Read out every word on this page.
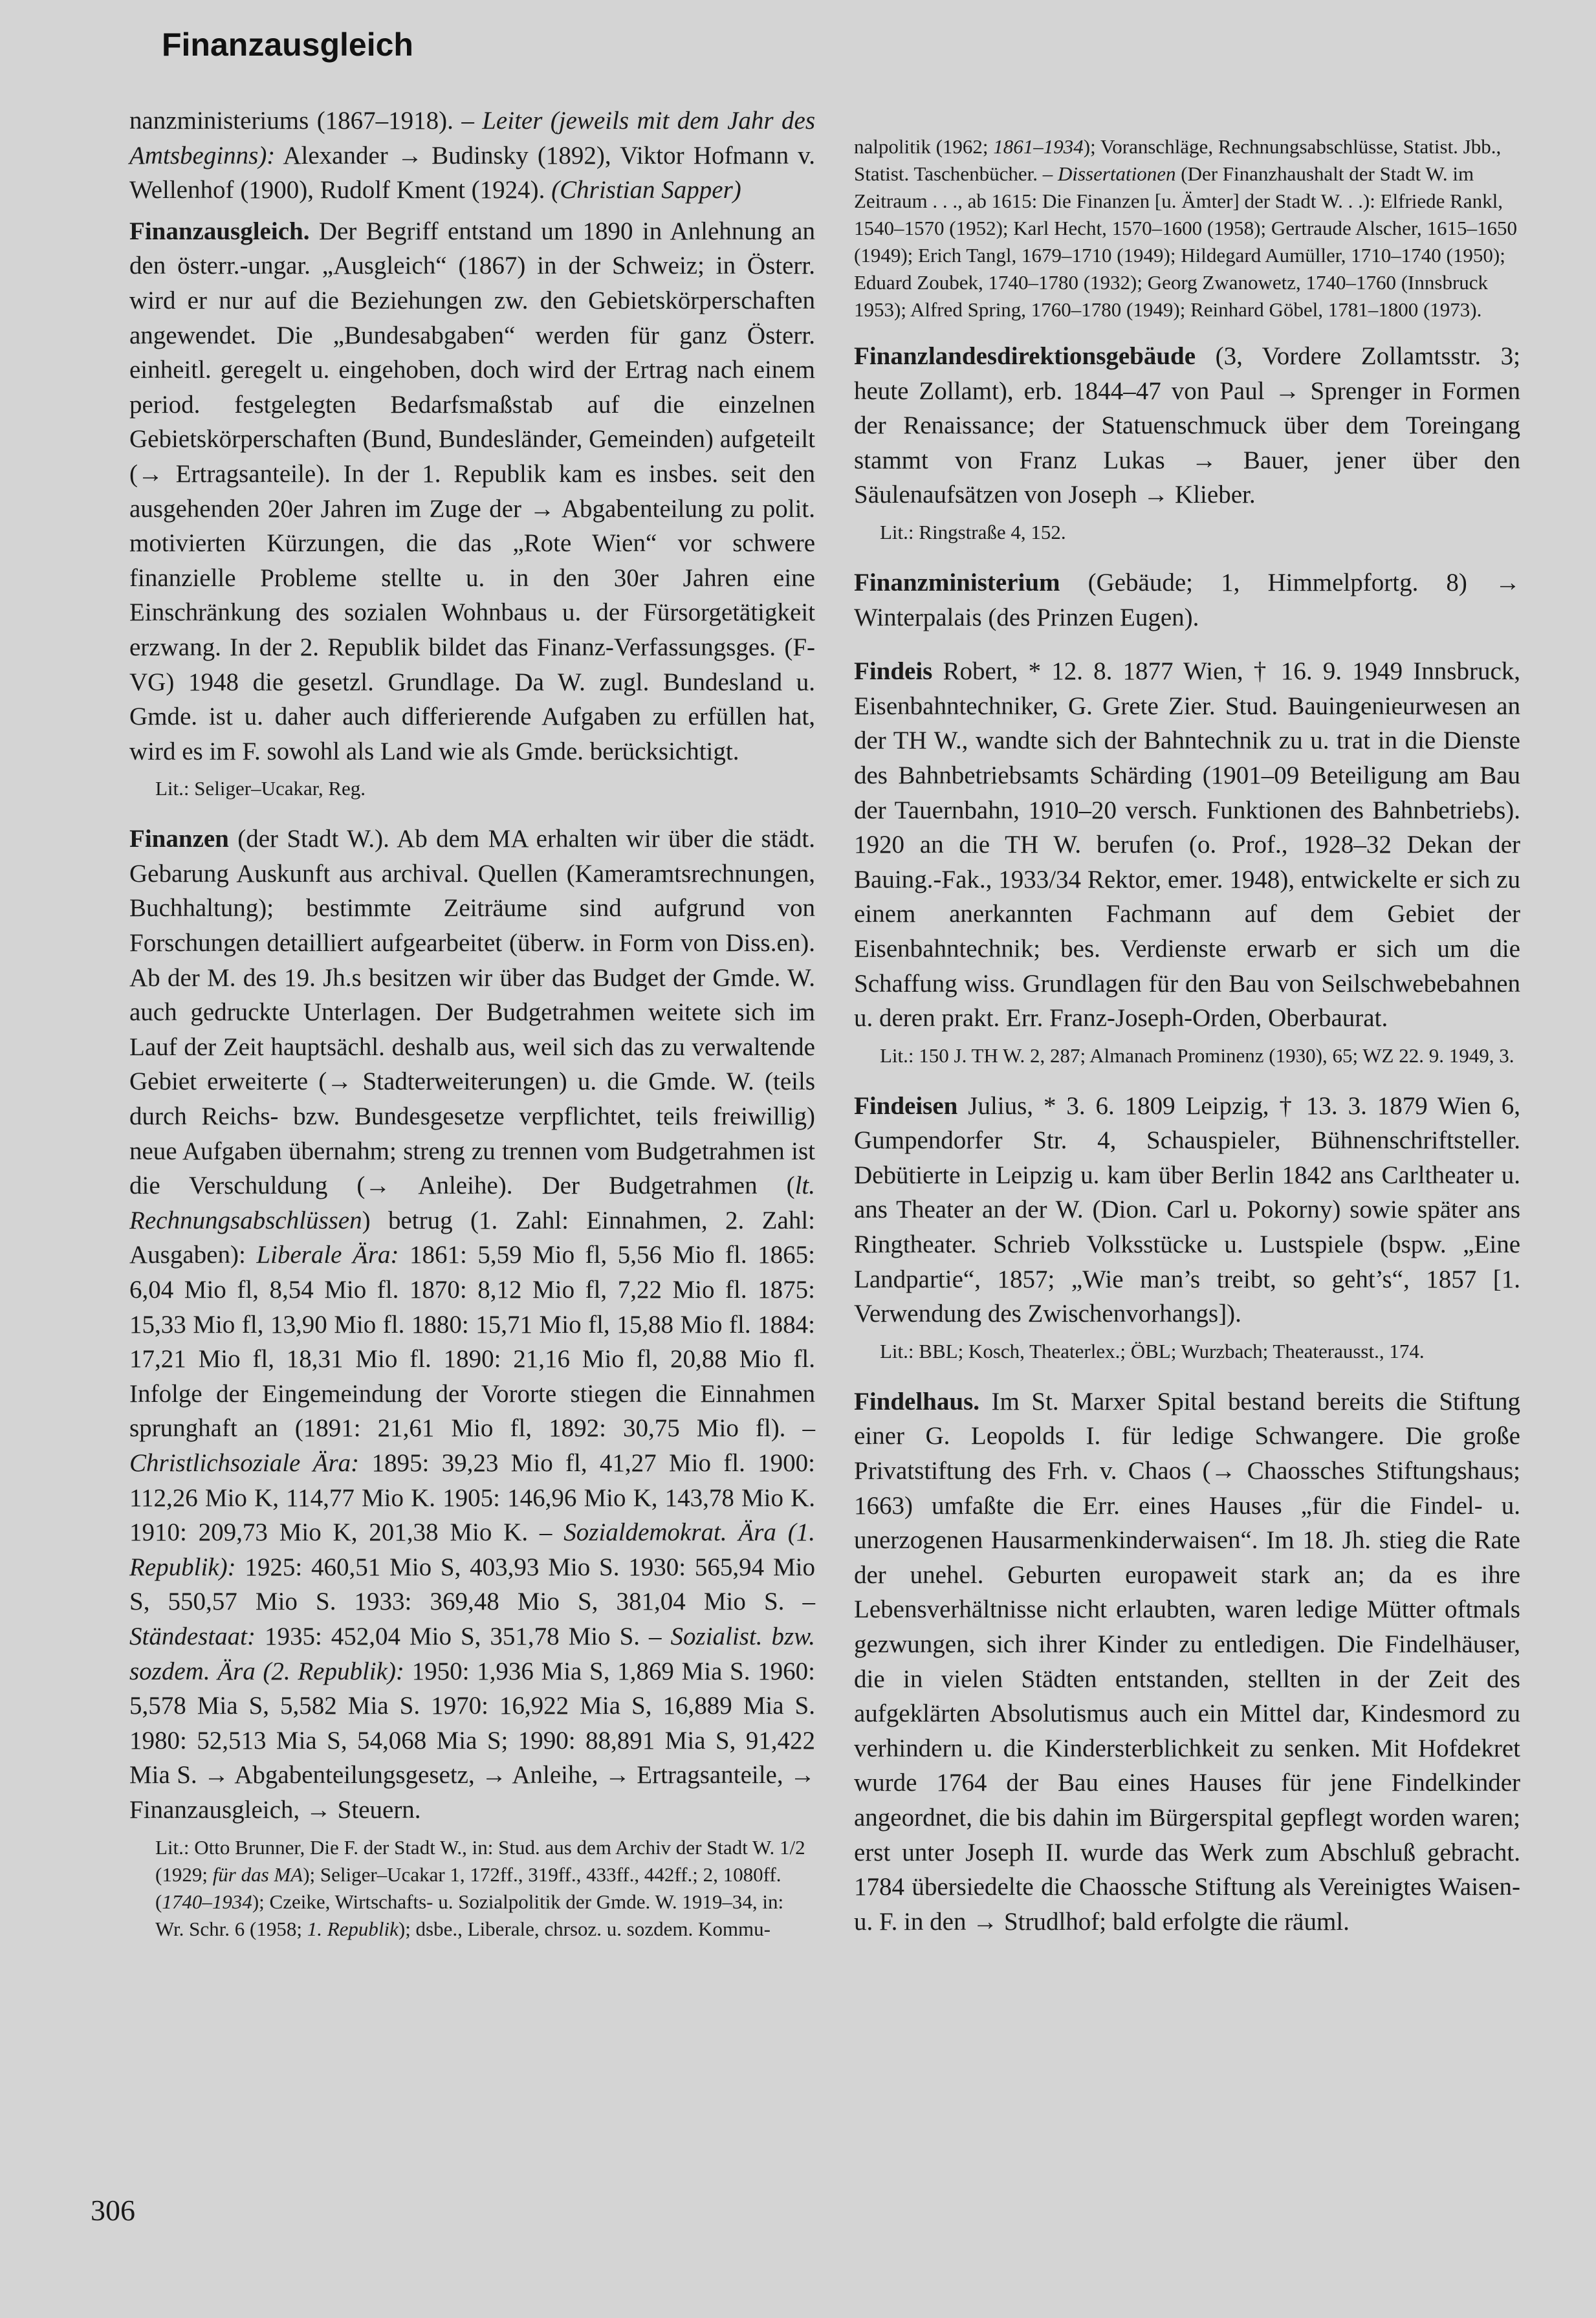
Finanzausgleich
nanzministeriums (1867–1918). – Leiter (jeweils mit dem Jahr des Amtsbeginns): Alexander → Budinsky (1892), Viktor Hofmann v. Wellenhof (1900), Rudolf Kment (1924). (Christian Sapper)
Finanzausgleich. Der Begriff entstand um 1890 in Anlehnung an den österr.-ungar. „Ausgleich“ (1867) in der Schweiz; in Österr. wird er nur auf die Beziehungen zw. den Gebietskörperschaften angewendet. Die „Bundesabgaben“ werden für ganz Österr. einheitl. geregelt u. eingehoben, doch wird der Ertrag nach einem period. festgelegten Bedarfsmaßstab auf die einzelnen Gebietskörperschaften (Bund, Bundesländer, Gemeinden) aufgeteilt (→ Ertragsanteile). In der 1. Republik kam es insbes. seit den ausgehenden 20er Jahren im Zuge der → Abgabenteilung zu polit. motivierten Kürzungen, die das „Rote Wien“ vor schwere finanzielle Probleme stellte u. in den 30er Jahren eine Einschränkung des sozialen Wohnbaus u. der Fürsorgetätigkeit erzwang. In der 2. Republik bildet das Finanz-Verfassungsges. (F-VG) 1948 die gesetzl. Grundlage. Da W. zugl. Bundesland u. Gmde. ist u. daher auch differierende Aufgaben zu erfüllen hat, wird es im F. sowohl als Land wie als Gmde. berücksichtigt.
Lit.: Seliger–Ucakar, Reg.
Finanzen (der Stadt W.). Ab dem MA erhalten wir über die städt. Gebarung Auskunft aus archival. Quellen (Kameramtsrechnungen, Buchhaltung); bestimmte Zeiträume sind aufgrund von Forschungen detailliert aufgearbeitet (überw. in Form von Diss.en). Ab der M. des 19. Jh.s besitzen wir über das Budget der Gmde. W. auch gedruckte Unterlagen. Der Budgetrahmen weitete sich im Lauf der Zeit hauptsächl. deshalb aus, weil sich das zu verwaltende Gebiet erweiterte (→ Stadterweiterungen) u. die Gmde. W. (teils durch Reichs- bzw. Bundesgesetze verpflichtet, teils freiwillig) neue Aufgaben übernahm; streng zu trennen vom Budgetrahmen ist die Verschuldung (→ Anleihe). Der Budgetrahmen (lt. Rechnungsabschlüssen) betrug (1. Zahl: Einnahmen, 2. Zahl: Ausgaben): Liberale Ära: 1861: 5,59 Mio fl, 5,56 Mio fl. 1865: 6,04 Mio fl, 8,54 Mio fl. 1870: 8,12 Mio fl, 7,22 Mio fl. 1875: 15,33 Mio fl, 13,90 Mio fl. 1880: 15,71 Mio fl, 15,88 Mio fl. 1884: 17,21 Mio fl, 18,31 Mio fl. 1890: 21,16 Mio fl, 20,88 Mio fl. Infolge der Eingemeindung der Vororte stiegen die Einnahmen sprunghaft an (1891: 21,61 Mio fl, 1892: 30,75 Mio fl). – Christlichsoziale Ära: 1895: 39,23 Mio fl, 41,27 Mio fl. 1900: 112,26 Mio K, 114,77 Mio K. 1905: 146,96 Mio K, 143,78 Mio K. 1910: 209,73 Mio K, 201,38 Mio K. – Sozialdemokrat. Ära (1. Republik): 1925: 460,51 Mio S, 403,93 Mio S. 1930: 565,94 Mio S, 550,57 Mio S. 1933: 369,48 Mio S, 381,04 Mio S. – Ständestaat: 1935: 452,04 Mio S, 351,78 Mio S. – Sozialist. bzw. sozdem. Ära (2. Republik): 1950: 1,936 Mia S, 1,869 Mia S. 1960: 5,578 Mia S, 5,582 Mia S. 1970: 16,922 Mia S, 16,889 Mia S. 1980: 52,513 Mia S, 54,068 Mia S; 1990: 88,891 Mia S, 91,422 Mia S. → Abgabenteilungsgesetz, → Anleihe, → Ertragsanteile, → Finanzausgleich, → Steuern.
Lit.: Otto Brunner, Die F. der Stadt W., in: Stud. aus dem Archiv der Stadt W. 1/2 (1929; für das MA); Seliger–Ucakar 1, 172ff., 319ff., 433ff., 442ff.; 2, 1080ff. (1740–1934); Czeike, Wirtschafts- u. Sozialpolitik der Gmde. W. 1919–34, in: Wr. Schr. 6 (1958; 1. Republik); dsbe., Liberale, chrsoz. u. sozdem. Kommu-
nalpolitik (1962; 1861–1934); Voranschläge, Rechnungsabschlüsse, Statist. Jbb., Statist. Taschenbücher. – Dissertationen (Der Finanzhaushalt der Stadt W. im Zeitraum . . ., ab 1615: Die Finanzen [u. Ämter] der Stadt W. . .): Elfriede Rankl, 1540–1570 (1952); Karl Hecht, 1570–1600 (1958); Gertraude Alscher, 1615–1650 (1949); Erich Tangl, 1679–1710 (1949); Hildegard Aumüller, 1710–1740 (1950); Eduard Zoubek, 1740–1780 (1932); Georg Zwanowetz, 1740–1760 (Innsbruck 1953); Alfred Spring, 1760–1780 (1949); Reinhard Göbel, 1781–1800 (1973).
Finanzlandesdirektionsgebäude (3, Vordere Zollamtsstr. 3; heute Zollamt), erb. 1844–47 von Paul → Sprenger in Formen der Renaissance; der Statuenschmuck über dem Toreingang stammt von Franz Lukas → Bauer, jener über den Säulenaufsätzen von Joseph → Klieber.
Lit.: Ringstraße 4, 152.
Finanzministerium (Gebäude; 1, Himmelpfortg. 8) → Winterpalais (des Prinzen Eugen).
Findeis Robert, * 12. 8. 1877 Wien, † 16. 9. 1949 Innsbruck, Eisenbahntechniker, G. Grete Zier. Stud. Bauingenieurwesen an der TH W., wandte sich der Bahntechnik zu u. trat in die Dienste des Bahnbetriebsamts Schärding (1901–09 Beteiligung am Bau der Tauernbahn, 1910–20 versch. Funktionen des Bahnbetriebs). 1920 an die TH W. berufen (o. Prof., 1928–32 Dekan der Bauing.-Fak., 1933/34 Rektor, emer. 1948), entwickelte er sich zu einem anerkannten Fachmann auf dem Gebiet der Eisenbahntechnik; bes. Verdienste erwarb er sich um die Schaffung wiss. Grundlagen für den Bau von Seilschwebebahnen u. deren prakt. Err. Franz-Joseph-Orden, Oberbaurat.
Lit.: 150 J. TH W. 2, 287; Almanach Prominenz (1930), 65; WZ 22. 9. 1949, 3.
Findeisen Julius, * 3. 6. 1809 Leipzig, † 13. 3. 1879 Wien 6, Gumpendorfer Str. 4, Schauspieler, Bühnenschriftsteller. Debütierte in Leipzig u. kam über Berlin 1842 ans Carltheater u. ans Theater an der W. (Dion. Carl u. Pokorny) sowie später ans Ringtheater. Schrieb Volksstücke u. Lustspiele (bspw. „Eine Landpartie“, 1857; „Wie man’s treibt, so geht’s“, 1857 [1. Verwendung des Zwischenvorhangs]).
Lit.: BBL; Kosch, Theaterlex.; ÖBL; Wurzbach; Theaterausst., 174.
Findelhaus. Im St. Marxer Spital bestand bereits die Stiftung einer G. Leopolds I. für ledige Schwangere. Die große Privatstiftung des Frh. v. Chaos (→ Chaossches Stiftungshaus; 1663) umfaßte die Err. eines Hauses „für die Findel- u. unerzogenen Hausarmenkinderwaisen“. Im 18. Jh. stieg die Rate der unehel. Geburten europaweit stark an; da es ihre Lebensverhältnisse nicht erlaubten, waren ledige Mütter oftmals gezwungen, sich ihrer Kinder zu entledigen. Die Findelhäuser, die in vielen Städten entstanden, stellten in der Zeit des aufgeklärten Absolutismus auch ein Mittel dar, Kindesmord zu verhindern u. die Kindersterblichkeit zu senken. Mit Hofdekret wurde 1764 der Bau eines Hauses für jene Findelkinder angeordnet, die bis dahin im Bürgerspital gepflegt worden waren; erst unter Joseph II. wurde das Werk zum Abschluß gebracht. 1784 übersiedelte die Chaossche Stiftung als Vereinigtes Waisen- u. F. in den → Strudlhof; bald erfolgte die räuml.
306
